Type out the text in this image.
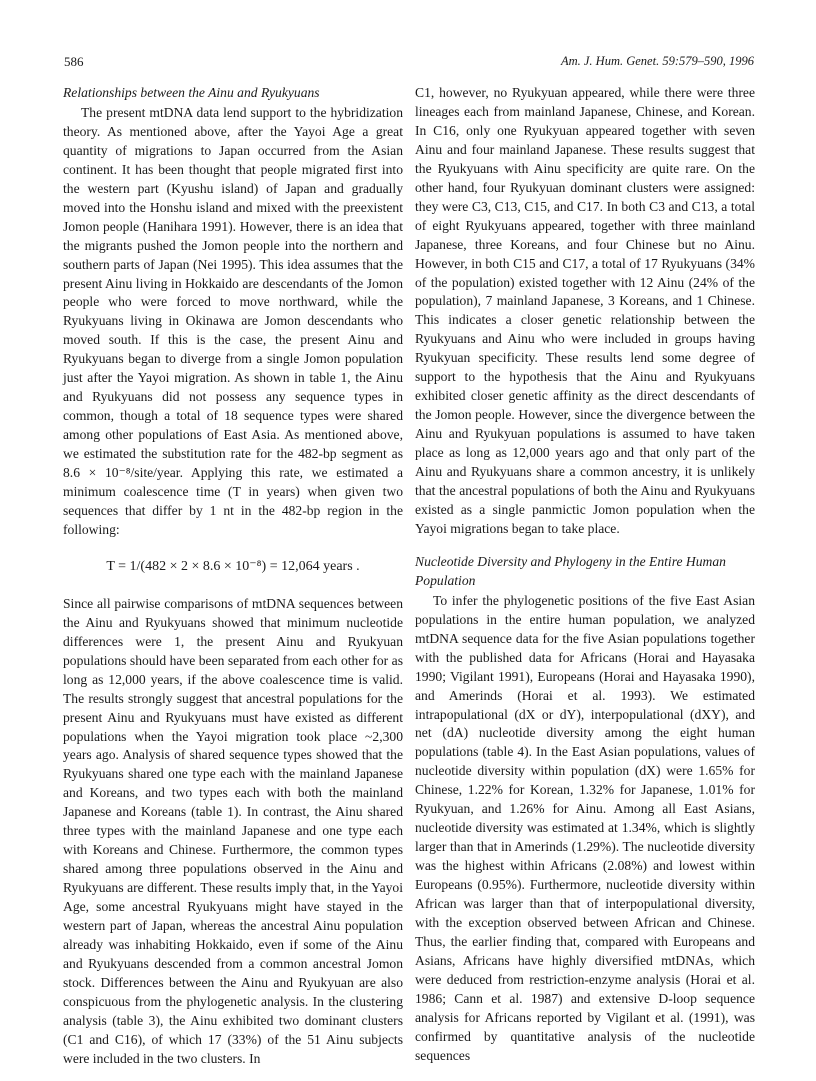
586	Am. J. Hum. Genet. 59:579–590, 1996

Relationships between the Ainu and Ryukyuans

The present mtDNA data lend support to the hybridization theory. As mentioned above, after the Yayoi Age a great quantity of migrations to Japan occurred from the Asian continent. It has been thought that people migrated first into the western part (Kyushu island) of Japan and gradually moved into the Honshu island and mixed with the preexistent Jomon people (Hanihara 1991). However, there is an idea that the migrants pushed the Jomon people into the northern and southern parts of Japan (Nei 1995). This idea assumes that the present Ainu living in Hokkaido are descendants of the Jomon people who were forced to move northward, while the Ryukyuans living in Okinawa are Jomon descendants who moved south. If this is the case, the present Ainu and Ryukyuans began to diverge from a single Jomon population just after the Yayoi migration. As shown in table 1, the Ainu and Ryukyuans did not possess any sequence types in common, though a total of 18 sequence types were shared among other populations of East Asia. As mentioned above, we estimated the substitution rate for the 482-bp segment as 8.6 × 10⁻⁸/site/year. Applying this rate, we estimated a minimum coalescence time (T in years) when given two sequences that differ by 1 nt in the 482-bp region in the following:

T = 1/(482 × 2 × 8.6 × 10⁻⁸) = 12,064 years .

Since all pairwise comparisons of mtDNA sequences between the Ainu and Ryukyuans showed that minimum nucleotide differences were 1, the present Ainu and Ryukyuan populations should have been separated from each other for as long as 12,000 years, if the above coalescence time is valid. The results strongly suggest that ancestral populations for the present Ainu and Ryukyuans must have existed as different populations when the Yayoi migration took place ~2,300 years ago. Analysis of shared sequence types showed that the Ryukyuans shared one type each with the mainland Japanese and Koreans, and two types each with both the mainland Japanese and Koreans (table 1). In contrast, the Ainu shared three types with the mainland Japanese and one type each with Koreans and Chinese. Furthermore, the common types shared among three populations observed in the Ainu and Ryukyuans are different. These results imply that, in the Yayoi Age, some ancestral Ryukyuans might have stayed in the western part of Japan, whereas the ancestral Ainu population already was inhabiting Hokkaido, even if some of the Ainu and Ryukyuans descended from a common ancestral Jomon stock. Differences between the Ainu and Ryukyuan are also conspicuous from the phylogenetic analysis. In the clustering analysis (table 3), the Ainu exhibited two dominant clusters (C1 and C16), of which 17 (33%) of the 51 Ainu subjects were included in the two clusters. In

C1, however, no Ryukyuan appeared, while there were three lineages each from mainland Japanese, Chinese, and Korean. In C16, only one Ryukyuan appeared together with seven Ainu and four mainland Japanese. These results suggest that the Ryukyuans with Ainu specificity are quite rare. On the other hand, four Ryukyuan dominant clusters were assigned: they were C3, C13, C15, and C17. In both C3 and C13, a total of eight Ryukyuans appeared, together with three mainland Japanese, three Koreans, and four Chinese but no Ainu. However, in both C15 and C17, a total of 17 Ryukyuans (34% of the population) existed together with 12 Ainu (24% of the population), 7 mainland Japanese, 3 Koreans, and 1 Chinese. This indicates a closer genetic relationship between the Ryukyuans and Ainu who were included in groups having Ryukyuan specificity. These results lend some degree of support to the hypothesis that the Ainu and Ryukyuans exhibited closer genetic affinity as the direct descendants of the Jomon people. However, since the divergence between the Ainu and Ryukyuan populations is assumed to have taken place as long as 12,000 years ago and that only part of the Ainu and Ryukyuans share a common ancestry, it is unlikely that the ancestral populations of both the Ainu and Ryukyuans existed as a single panmictic Jomon population when the Yayoi migrations began to take place.

Nucleotide Diversity and Phylogeny in the Entire Human Population

To infer the phylogenetic positions of the five East Asian populations in the entire human population, we analyzed mtDNA sequence data for the five Asian populations together with the published data for Africans (Horai and Hayasaka 1990; Vigilant 1991), Europeans (Horai and Hayasaka 1990), and Amerinds (Horai et al. 1993). We estimated intrapopulational (dX or dY), interpopulational (dXY), and net (dA) nucleotide diversity among the eight human populations (table 4). In the East Asian populations, values of nucleotide diversity within population (dX) were 1.65% for Chinese, 1.22% for Korean, 1.32% for Japanese, 1.01% for Ryukyuan, and 1.26% for Ainu. Among all East Asians, nucleotide diversity was estimated at 1.34%, which is slightly larger than that in Amerinds (1.29%). The nucleotide diversity was the highest within Africans (2.08%) and lowest within Europeans (0.95%). Furthermore, nucleotide diversity within African was larger than that of interpopulational diversity, with the exception observed between African and Chinese. Thus, the earlier finding that, compared with Europeans and Asians, Africans have highly diversified mtDNAs, which were deduced from restriction-enzyme analysis (Horai et al. 1986; Cann et al. 1987) and extensive D-loop sequence analysis for Africans reported by Vigilant et al. (1991), was confirmed by quantitative analysis of the nucleotide sequences
